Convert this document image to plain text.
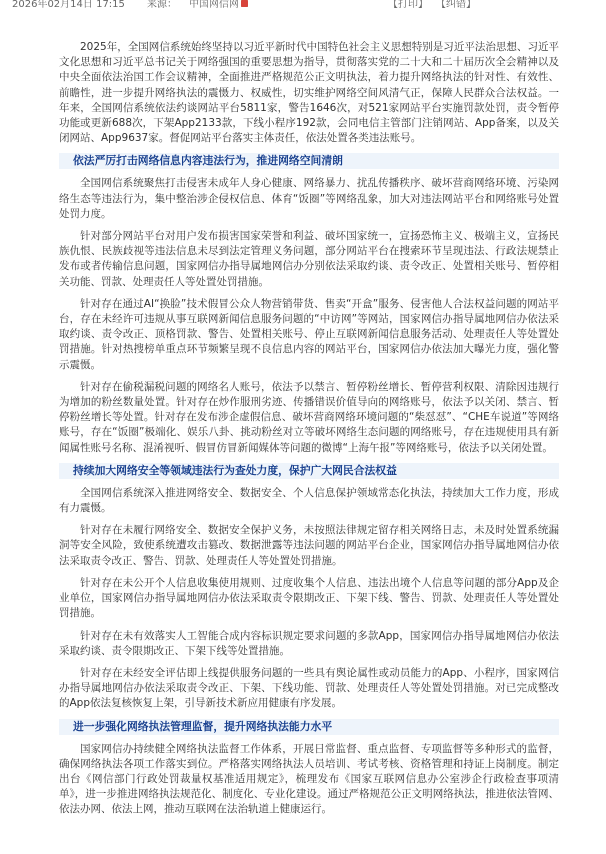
2026年02月14日 17:15 来源： 中国网信网	【打印】 【纠错】

2025年，全国网信系统始终坚持以习近平新时代中国特色社会主义思想特别是习近平法治思想、习近平文化思想和习近平总书记关于网络强国的重要思想为指导，贯彻落实党的二十大和二十届历次全会精神以及中央全面依法治国工作会议精神，全面推进严格规范公正文明执法，着力提升网络执法的针对性、有效性、前瞻性，进一步提升网络执法的震慑力、权威性，切实维护网络空间风清气正，保障人民群众合法权益。一年来，全国网信系统依法约谈网站平台5811家，警告1646次，对521家网站平台实施罚款处罚，责令暂停功能或更新688次，下架App2133款，下线小程序192款，会同电信主管部门注销网站、App备案，以及关闭网站、App9637家。督促网站平台落实主体责任，依法处置各类违法账号。

依法严厉打击网络信息内容违法行为，推进网络空间清朗

全国网信系统聚焦打击侵害未成年人身心健康、网络暴力、扰乱传播秩序、破坏营商网络环境、污染网络生态等违法行为，集中整治涉企侵权信息、体育“饭圈”等网络乱象，加大对违法网站平台和网络账号处置处罚力度。

针对部分网站平台对用户发布损害国家荣誉和利益、破坏国家统一，宣扬恐怖主义、极端主义，宣扬民族仇恨、民族歧视等违法信息未尽到法定管理义务问题，部分网站平台在搜索环节呈现违法、行政法规禁止发布或者传输信息问题，国家网信办指导属地网信办分别依法采取约谈、责令改正、处置相关账号、暂停相关功能、罚款、处理责任人等处置处罚措施。

针对存在通过AI“换脸”技术假冒公众人物营销带货、售卖“开盒”服务、侵害他人合法权益问题的网站平台，存在未经许可违规从事互联网新闻信息服务问题的“中访网”等网站，国家网信办指导属地网信办依法采取约谈、责令改正、顶格罚款、警告、处置相关账号、停止互联网新闻信息服务活动、处理责任人等处置处罚措施。针对热搜榜单重点环节频繁呈现不良信息内容的网站平台，国家网信办依法加大曝光力度，强化警示震慑。

针对存在偷税漏税问题的网络名人账号，依法予以禁言、暂停粉丝增长、暂停营利权限、清除因违规行为增加的粉丝数量处置。针对存在炒作服刑劣迹、传播错误价值导向的网络账号，依法予以关闭、禁言、暂停粉丝增长等处置。针对存在发布涉企虚假信息、破坏营商网络环境问题的“柴怼怼”、“CHE车说道”等网络账号，存在“饭圈”极端化、娱乐八卦、挑动粉丝对立等破坏网络生态问题的网络账号，存在违规使用具有新闻属性账号名称、混淆视听、假冒仿冒新闻媒体等问题的微博“上海午报”等网络账号，依法予以关闭处置。

持续加大网络安全等领域违法行为查处力度，保护广大网民合法权益

全国网信系统深入推进网络安全、数据安全、个人信息保护领域常态化执法，持续加大工作力度，形成有力震慑。

针对存在未履行网络安全、数据安全保护义务，未按照法律规定留存相关网络日志，未及时处置系统漏洞等安全风险，致使系统遭攻击篡改、数据泄露等违法问题的网站平台企业，国家网信办指导属地网信办依法采取责令改正、警告、罚款、处理责任人等处置处罚措施。

针对存在未公开个人信息收集使用规则、过度收集个人信息、违法出境个人信息等问题的部分App及企业单位，国家网信办指导属地网信办依法采取责令限期改正、下架下线、警告、罚款、处理责任人等处置处罚措施。

针对存在未有效落实人工智能合成内容标识规定要求问题的多款App，国家网信办指导属地网信办依法采取约谈、责令限期改正、下架下线等处置措施。

针对存在未经安全评估即上线提供服务问题的一些具有舆论属性或动员能力的App、小程序，国家网信办指导属地网信办依法采取责令改正、下架、下线功能、罚款、处理责任人等处置处罚措施。对已完成整改的App依法复核恢复上架，引导新技术新应用健康有序发展。

进一步强化网络执法管理监督，提升网络执法能力水平

国家网信办持续健全网络执法监督工作体系，开展日常监督、重点监督、专项监督等多种形式的监督，确保网络执法各项工作落实到位。严格落实网络执法人员培训、考试考核、资格管理和持证上岗制度。制定出台《网信部门行政处罚裁量权基准适用规定》，梳理发布《国家互联网信息办公室涉企行政检查事项清单》，进一步推进网络执法规范化、制度化、专业化建设。通过严格规范公正文明网络执法，推进依法管网、依法办网、依法上网，推动互联网在法治轨道上健康运行。
